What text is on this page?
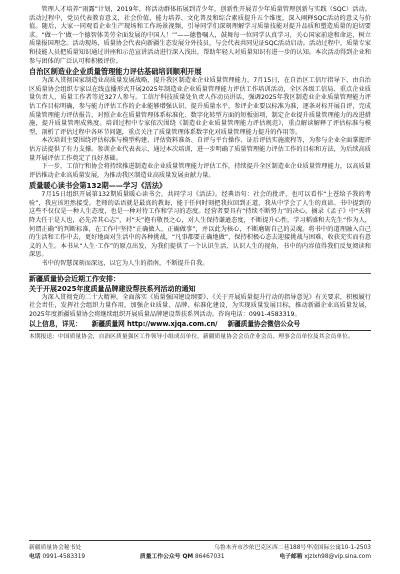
管理人才培养“雨露”计划，2019年，将活动群体拓展到青少年，创新性开展青少年质量管理创新与实践（SQC）活动。活动过程中，党员代表教育意义，社会价值，能力培养、文化普及和综合素质提升五个维度，深入阐释SQC活动的意义与价值。随后，大家一同观看企业生产现场和工作场景视频，引导同学们深刻理解学习质量技能对提升品质和塑造质量的迫切要求。“做一个‘做一个德智体美劳全面发展的中国人！’”——德鲁嘱人，鼓舞每一位同学认真学习，关心国家前途和命运，树立质量报国理念。活动现场，质量协会代表向新疆生态发展分外技员，与会代表共同见证SQC活动启动。活动过程中，质量专家和技能人员把质量知识通过讲座和示范宣讲活动进行深入浅出，帮助年轻人对质量知识有进一步的认知。本次活动得到企业和参与团体的广泛认可和积极评价。

自治区制造业企业质量管理能力评估基础培训顺利开展

为深入贯彻国家制造业高质量发展战略，提升我区制造业企业质量管理能力，7月15日，在自治区工信厅指导下，由自治区质量协会组织专家以在线直播形式开展2025年制造业企业质量管理能力评估工作培训活动，全区各级工信局、重点企业质量负责人、质量工作者等近327人参与。工信厅科技质量处负责人作动员讲话，强调2025年我区制造业企业质量管理能力评估工作目标明确，参与能力评估工作的企业能够增强认识、提升质量水平，参评企业要以标准为准，逐条对标开展自评，完成质量管理能力评估报告，对照企业在质量管理体系标准化、数字化转型方面的短板弱项，制定企业提升质量管理能力的改进措施，提升质量管理成熟度。培训过程中专家依次围绕《制造业企业质量管理能力评估规范》，重点解读解释了评估标准与模型，剖析了评估过程中各环节问题，重点关注了质量管理体系数字化对质量管理能力提升的作用等。

本次培训主要围绕评估标准与模型构建、评估资料准备、自评与平台操作、证后评估实施流程等，为参与企业全面掌握评估方法提供了有力支撑。参训企业代表表示，通过本次培训，进一步明确了质量管理能力评估工作的目标和方法，为后续高质量开展评估工作奠定了良好基础。

下一步，工信厅和协会将持续推进制造业企业质量管理能力评估工作，持续提升全区制造业企业质量管理能力，以高质量评估推动企业高质量发展，为推动我区制造业高质量发展贡献力量。

质量暖心读书会第132期——学习《活法》

7月15日组织开展第132期质量暖心读书会，共同学习《活法》。经典语句：社会的批评，也可以看作“上苍给予我的考验”，我应该坦然接受。老师的话语就是最真的教诲，能于任何时刻把我拉回到正道，我从中学会了人生的真谛。书中提到的这些不仅仅是一种人生态度，也是一种对待工作和学习的态度。经营者要具有“持续不断努力”的决心。摘录《孟子》中“天将降大任于是人也，必先苦其心志”，对“天”抱有敬畏之心，对人生保持谦逊态度，不断提升心性，学习稻盛和夫先生“作为人，何谓正确”的判断标准，在工作中坚持“正确做人、正确做事”，并以此为核心，不断磨砺自己的灵魂。将书中的道理融入自己的生活和工作中去，更好地面对生活中的各种挑战，“凡事都要正确地做”，保持积极心态去迎接挑战与困难，收获充实而有意义的人生。本书从“人生·工作”的原点出发，为我们提供了一个认识生活、认识人生的视角，书中的内容值得我们反复阅读和深思。

书中的智慧深刻而深远，以它为人生的指南，不断提升自我。

新疆质量协会近期工作安排：
关于开展2025年度质量品牌建设帮扶系列活动的通知

为深入贯彻党的二十大精神，全面落实《质量强国建设纲要》、《关于开展质量提升行动的指导意见》有关要求，积极履行社会责任，发挥社会组织力量作用，加强企业质量、品牌、标准化建设，为实现质量发展目标，推动新疆企业高质量发展，2025年度新疆质量协会将继续组织开展质量品牌建设帮扶系列活动。咨询电话：0991-4583319。

以上信息，详见： 新疆质量网 http://www.xjqa.com.cn/ 新疆质量协会微信公众号

本期报送：中国质量协会，自治区质量强区工作领导小组成员单位，新疆质量协会会员企业会员、理事会员单位及其会员单位。

新疆质量协会秘书处	乌鲁木齐市沙依巴克区西二巷188号华凌国际公寓10-1-2503
电话 0991-4583319	质量工作公众号 QM 86467031	电子邮箱 xjzlxh98@vip.sina.com
